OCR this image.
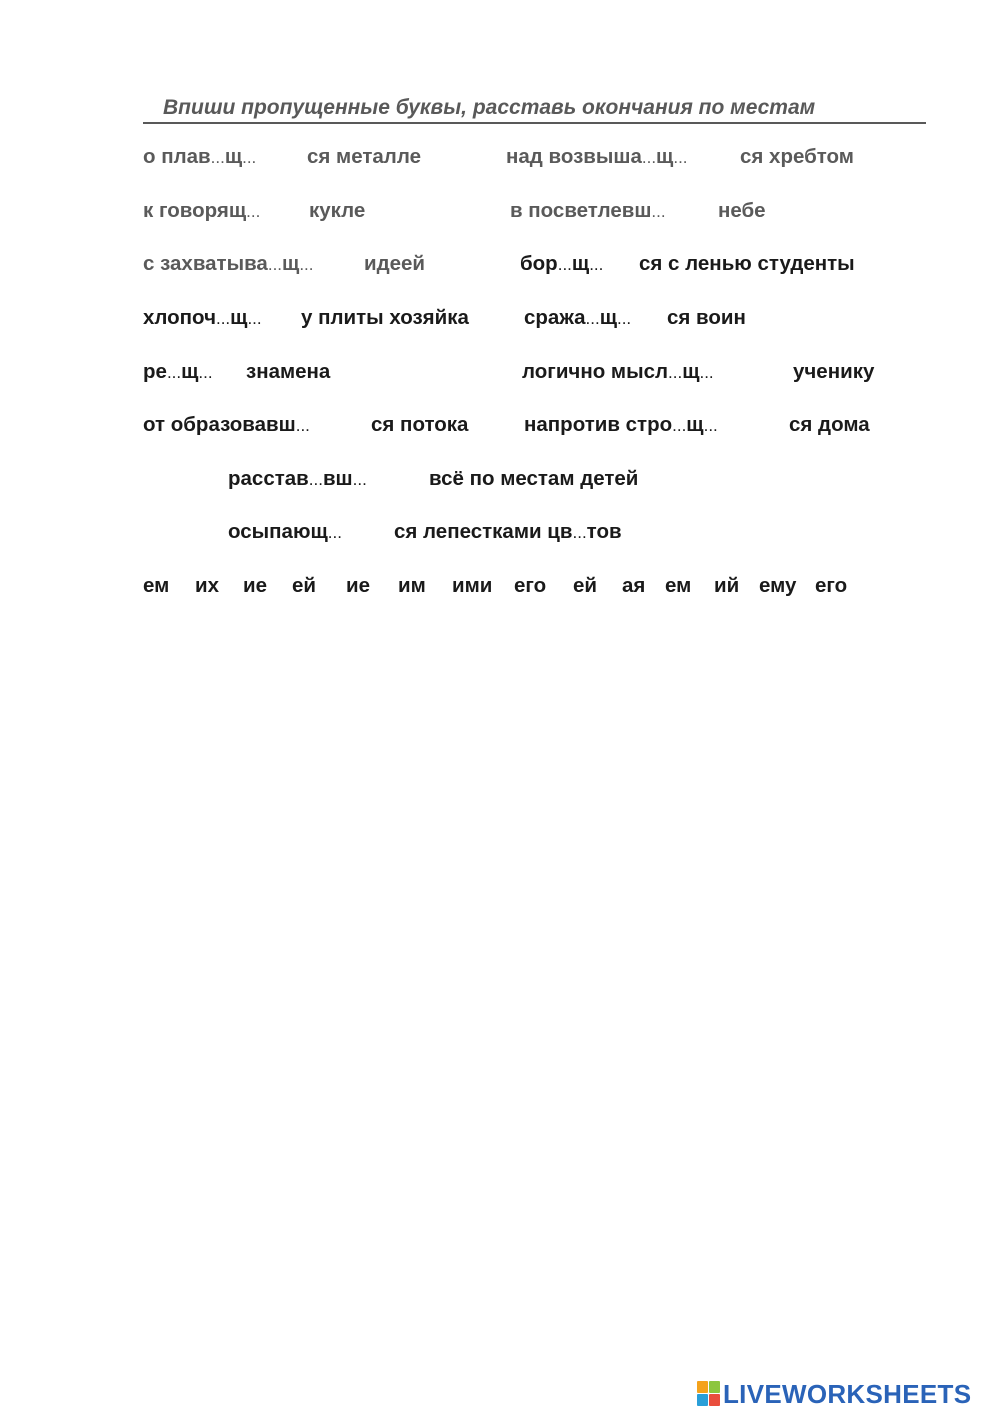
Впиши пропущенные буквы, расставь окончания по местам
о плав...щ... ся металле	над возвыша...щ...	ся хребтом
к говорящ... кукле	в посветлевш...	небе
с захватыва...щ... идеей	бор...щ... ся с ленью студенты
хлопоч...щ... у плиты хозяйка	сража...щ... ся воин
ре...щ... знамена	логично мысл...щ...	ученику
от образовавш...	ся потока	напротив стро...щ...	ся дома
расстав...вш...	всё по местам детей
осыпающ...	ся лепестками цв...тов
ем их ие ей ие им ими его ей ая ем ий ему его
LIVEWORKSHEETS
